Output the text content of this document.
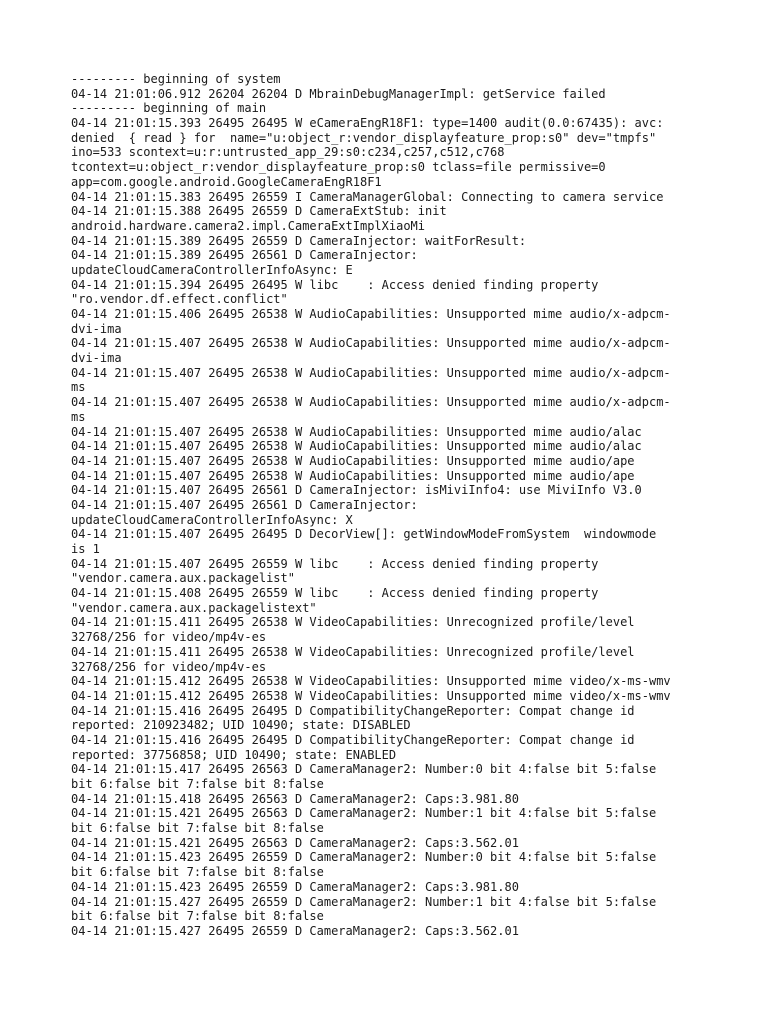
--------- beginning of system
04-14 21:01:06.912 26204 26204 D MbrainDebugManagerImpl: getService failed
--------- beginning of main
04-14 21:01:15.393 26495 26495 W eCameraEngR18F1: type=1400 audit(0.0:67435): avc:
denied  { read } for  name="u:object_r:vendor_displayfeature_prop:s0" dev="tmpfs"
ino=533 scontext=u:r:untrusted_app_29:s0:c234,c257,c512,c768
tcontext=u:object_r:vendor_displayfeature_prop:s0 tclass=file permissive=0
app=com.google.android.GoogleCameraEngR18F1
04-14 21:01:15.383 26495 26559 I CameraManagerGlobal: Connecting to camera service
04-14 21:01:15.388 26495 26559 D CameraExtStub: init
android.hardware.camera2.impl.CameraExtImplXiaoMi
04-14 21:01:15.389 26495 26559 D CameraInjector: waitForResult:
04-14 21:01:15.389 26495 26561 D CameraInjector:
updateCloudCameraControllerInfoAsync: E
04-14 21:01:15.394 26495 26495 W libc    : Access denied finding property
"ro.vendor.df.effect.conflict"
04-14 21:01:15.406 26495 26538 W AudioCapabilities: Unsupported mime audio/x-adpcm-
dvi-ima
04-14 21:01:15.407 26495 26538 W AudioCapabilities: Unsupported mime audio/x-adpcm-
dvi-ima
04-14 21:01:15.407 26495 26538 W AudioCapabilities: Unsupported mime audio/x-adpcm-
ms
04-14 21:01:15.407 26495 26538 W AudioCapabilities: Unsupported mime audio/x-adpcm-
ms
04-14 21:01:15.407 26495 26538 W AudioCapabilities: Unsupported mime audio/alac
04-14 21:01:15.407 26495 26538 W AudioCapabilities: Unsupported mime audio/alac
04-14 21:01:15.407 26495 26538 W AudioCapabilities: Unsupported mime audio/ape
04-14 21:01:15.407 26495 26538 W AudioCapabilities: Unsupported mime audio/ape
04-14 21:01:15.407 26495 26561 D CameraInjector: isMiviInfo4: use MiviInfo V3.0
04-14 21:01:15.407 26495 26561 D CameraInjector:
updateCloudCameraControllerInfoAsync: X
04-14 21:01:15.407 26495 26495 D DecorView[]: getWindowModeFromSystem  windowmode
is 1
04-14 21:01:15.407 26495 26559 W libc    : Access denied finding property
"vendor.camera.aux.packagelist"
04-14 21:01:15.408 26495 26559 W libc    : Access denied finding property
"vendor.camera.aux.packagelistext"
04-14 21:01:15.411 26495 26538 W VideoCapabilities: Unrecognized profile/level
32768/256 for video/mp4v-es
04-14 21:01:15.411 26495 26538 W VideoCapabilities: Unrecognized profile/level
32768/256 for video/mp4v-es
04-14 21:01:15.412 26495 26538 W VideoCapabilities: Unsupported mime video/x-ms-wmv
04-14 21:01:15.412 26495 26538 W VideoCapabilities: Unsupported mime video/x-ms-wmv
04-14 21:01:15.416 26495 26495 D CompatibilityChangeReporter: Compat change id
reported: 210923482; UID 10490; state: DISABLED
04-14 21:01:15.416 26495 26495 D CompatibilityChangeReporter: Compat change id
reported: 37756858; UID 10490; state: ENABLED
04-14 21:01:15.417 26495 26563 D CameraManager2: Number:0 bit 4:false bit 5:false
bit 6:false bit 7:false bit 8:false
04-14 21:01:15.418 26495 26563 D CameraManager2: Caps:3.981.80
04-14 21:01:15.421 26495 26563 D CameraManager2: Number:1 bit 4:false bit 5:false
bit 6:false bit 7:false bit 8:false
04-14 21:01:15.421 26495 26563 D CameraManager2: Caps:3.562.01
04-14 21:01:15.423 26495 26559 D CameraManager2: Number:0 bit 4:false bit 5:false
bit 6:false bit 7:false bit 8:false
04-14 21:01:15.423 26495 26559 D CameraManager2: Caps:3.981.80
04-14 21:01:15.427 26495 26559 D CameraManager2: Number:1 bit 4:false bit 5:false
bit 6:false bit 7:false bit 8:false
04-14 21:01:15.427 26495 26559 D CameraManager2: Caps:3.562.01
